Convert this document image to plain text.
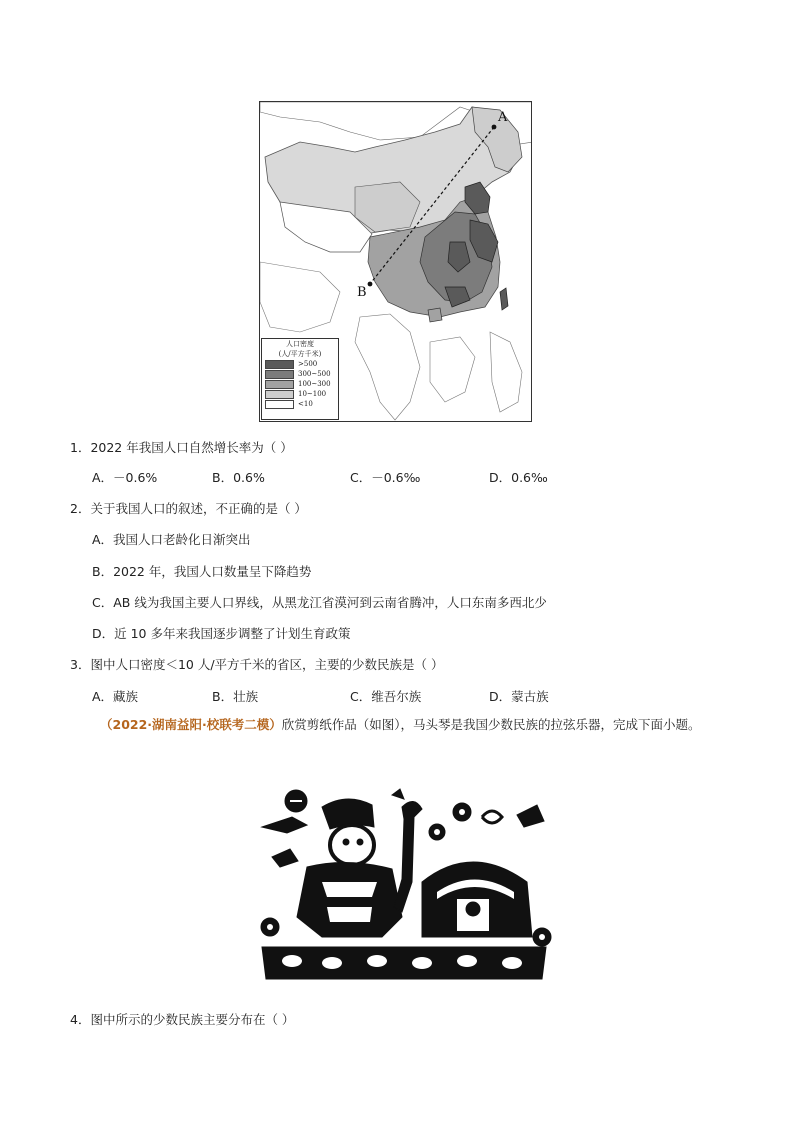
A
B
人口密度
(人/平方千米)
>500
300~500
100~300
10~100
<10
1．2022 年我国人口自然增长率为（ ）
A．－0.6%	B．0.6%	C．－0.6‰	D．0.6‰
2．关于我国人口的叙述，不正确的是（ ）
A．我国人口老龄化日渐突出
B．2022 年，我国人口数量呈下降趋势
C．AB 线为我国主要人口界线，从黑龙江省漠河到云南省腾冲，人口东南多西北少
D．近 10 多年来我国逐步调整了计划生育政策
3．图中人口密度＜10 人/平方千米的省区，主要的少数民族是（ ）
A．藏族	B．壮族	C．维吾尔族	D．蒙古族
（2022·湖南益阳·校联考二模）欣赏剪纸作品（如图），马头琴是我国少数民族的拉弦乐器，完成下面小题。
4．图中所示的少数民族主要分布在（ ）
